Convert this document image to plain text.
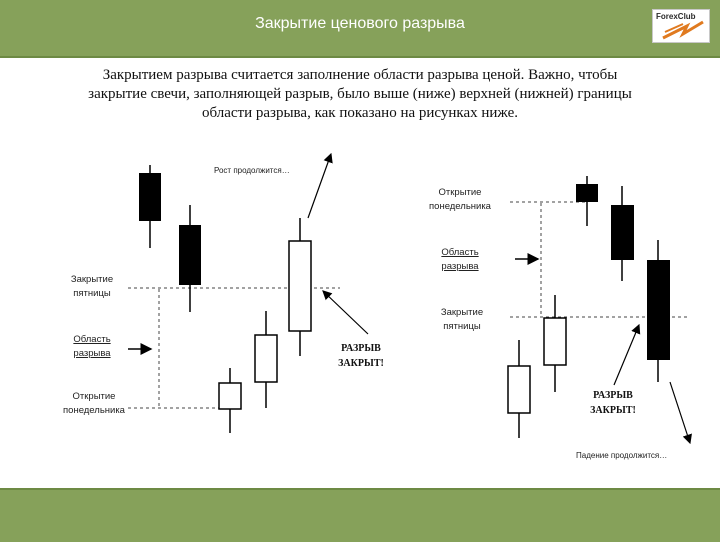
Закрытие ценового разрыва	ForexClub
Закрытием разрыва считается заполнение области разрыва ценой. Важно, чтобы
закрытие свечи, заполняющей разрыв, было выше (ниже) верхней (нижней) границы
области разрыва, как показано на рисунках ниже.
Рост продолжится…
Закрытие
пятницы
Область
разрыва
Открытие
понедельника
РАЗРЫВ
ЗАКРЫТ!
Открытие
понедельника
Область
разрыва
Закрытие
пятницы
РАЗРЫВ
ЗАКРЫТ!
Падение продолжится…
